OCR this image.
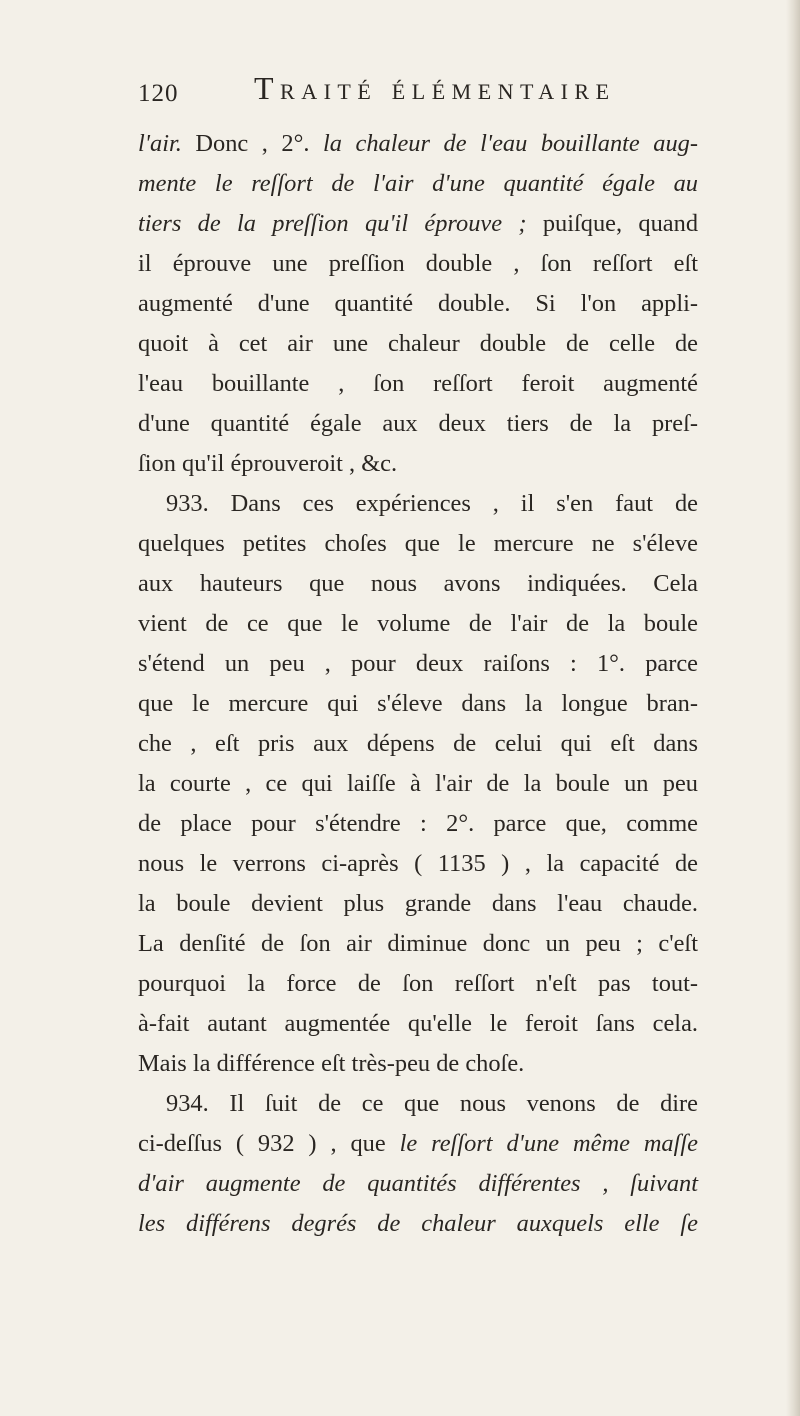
120 Traité élémentaire
l'air. Donc , 2°. la chaleur de l'eau bouillante aug-
mente le reſſort de l'air d'une quantité égale au
tiers de la preſſion qu'il éprouve ; puiſque, quand
il éprouve une preſſion double , ſon reſſort eſt
augmenté d'une quantité double. Si l'on appli-
quoit à cet air une chaleur double de celle de
l'eau bouillante , ſon reſſort feroit augmenté
d'une quantité égale aux deux tiers de la preſ-
ſion qu'il éprouveroit , &c.
933. Dans ces expériences , il s'en faut de
quelques petites choſes que le mercure ne s'éleve
aux hauteurs que nous avons indiquées. Cela
vient de ce que le volume de l'air de la boule
s'étend un peu , pour deux raiſons : 1°. parce
que le mercure qui s'éleve dans la longue bran-
che , eſt pris aux dépens de celui qui eſt dans
la courte , ce qui laiſſe à l'air de la boule un peu
de place pour s'étendre : 2°. parce que, comme
nous le verrons ci-après ( 1135 ) , la capacité de
la boule devient plus grande dans l'eau chaude.
La denſité de ſon air diminue donc un peu ; c'eſt
pourquoi la force de ſon reſſort n'eſt pas tout-
à-fait autant augmentée qu'elle le feroit ſans cela.
Mais la différence eſt très-peu de choſe.
934. Il ſuit de ce que nous venons de dire
ci-deſſus ( 932 ) , que le reſſort d'une même maſſe
d'air augmente de quantités différentes , ſuivant
les différens degrés de chaleur auxquels elle ſe
